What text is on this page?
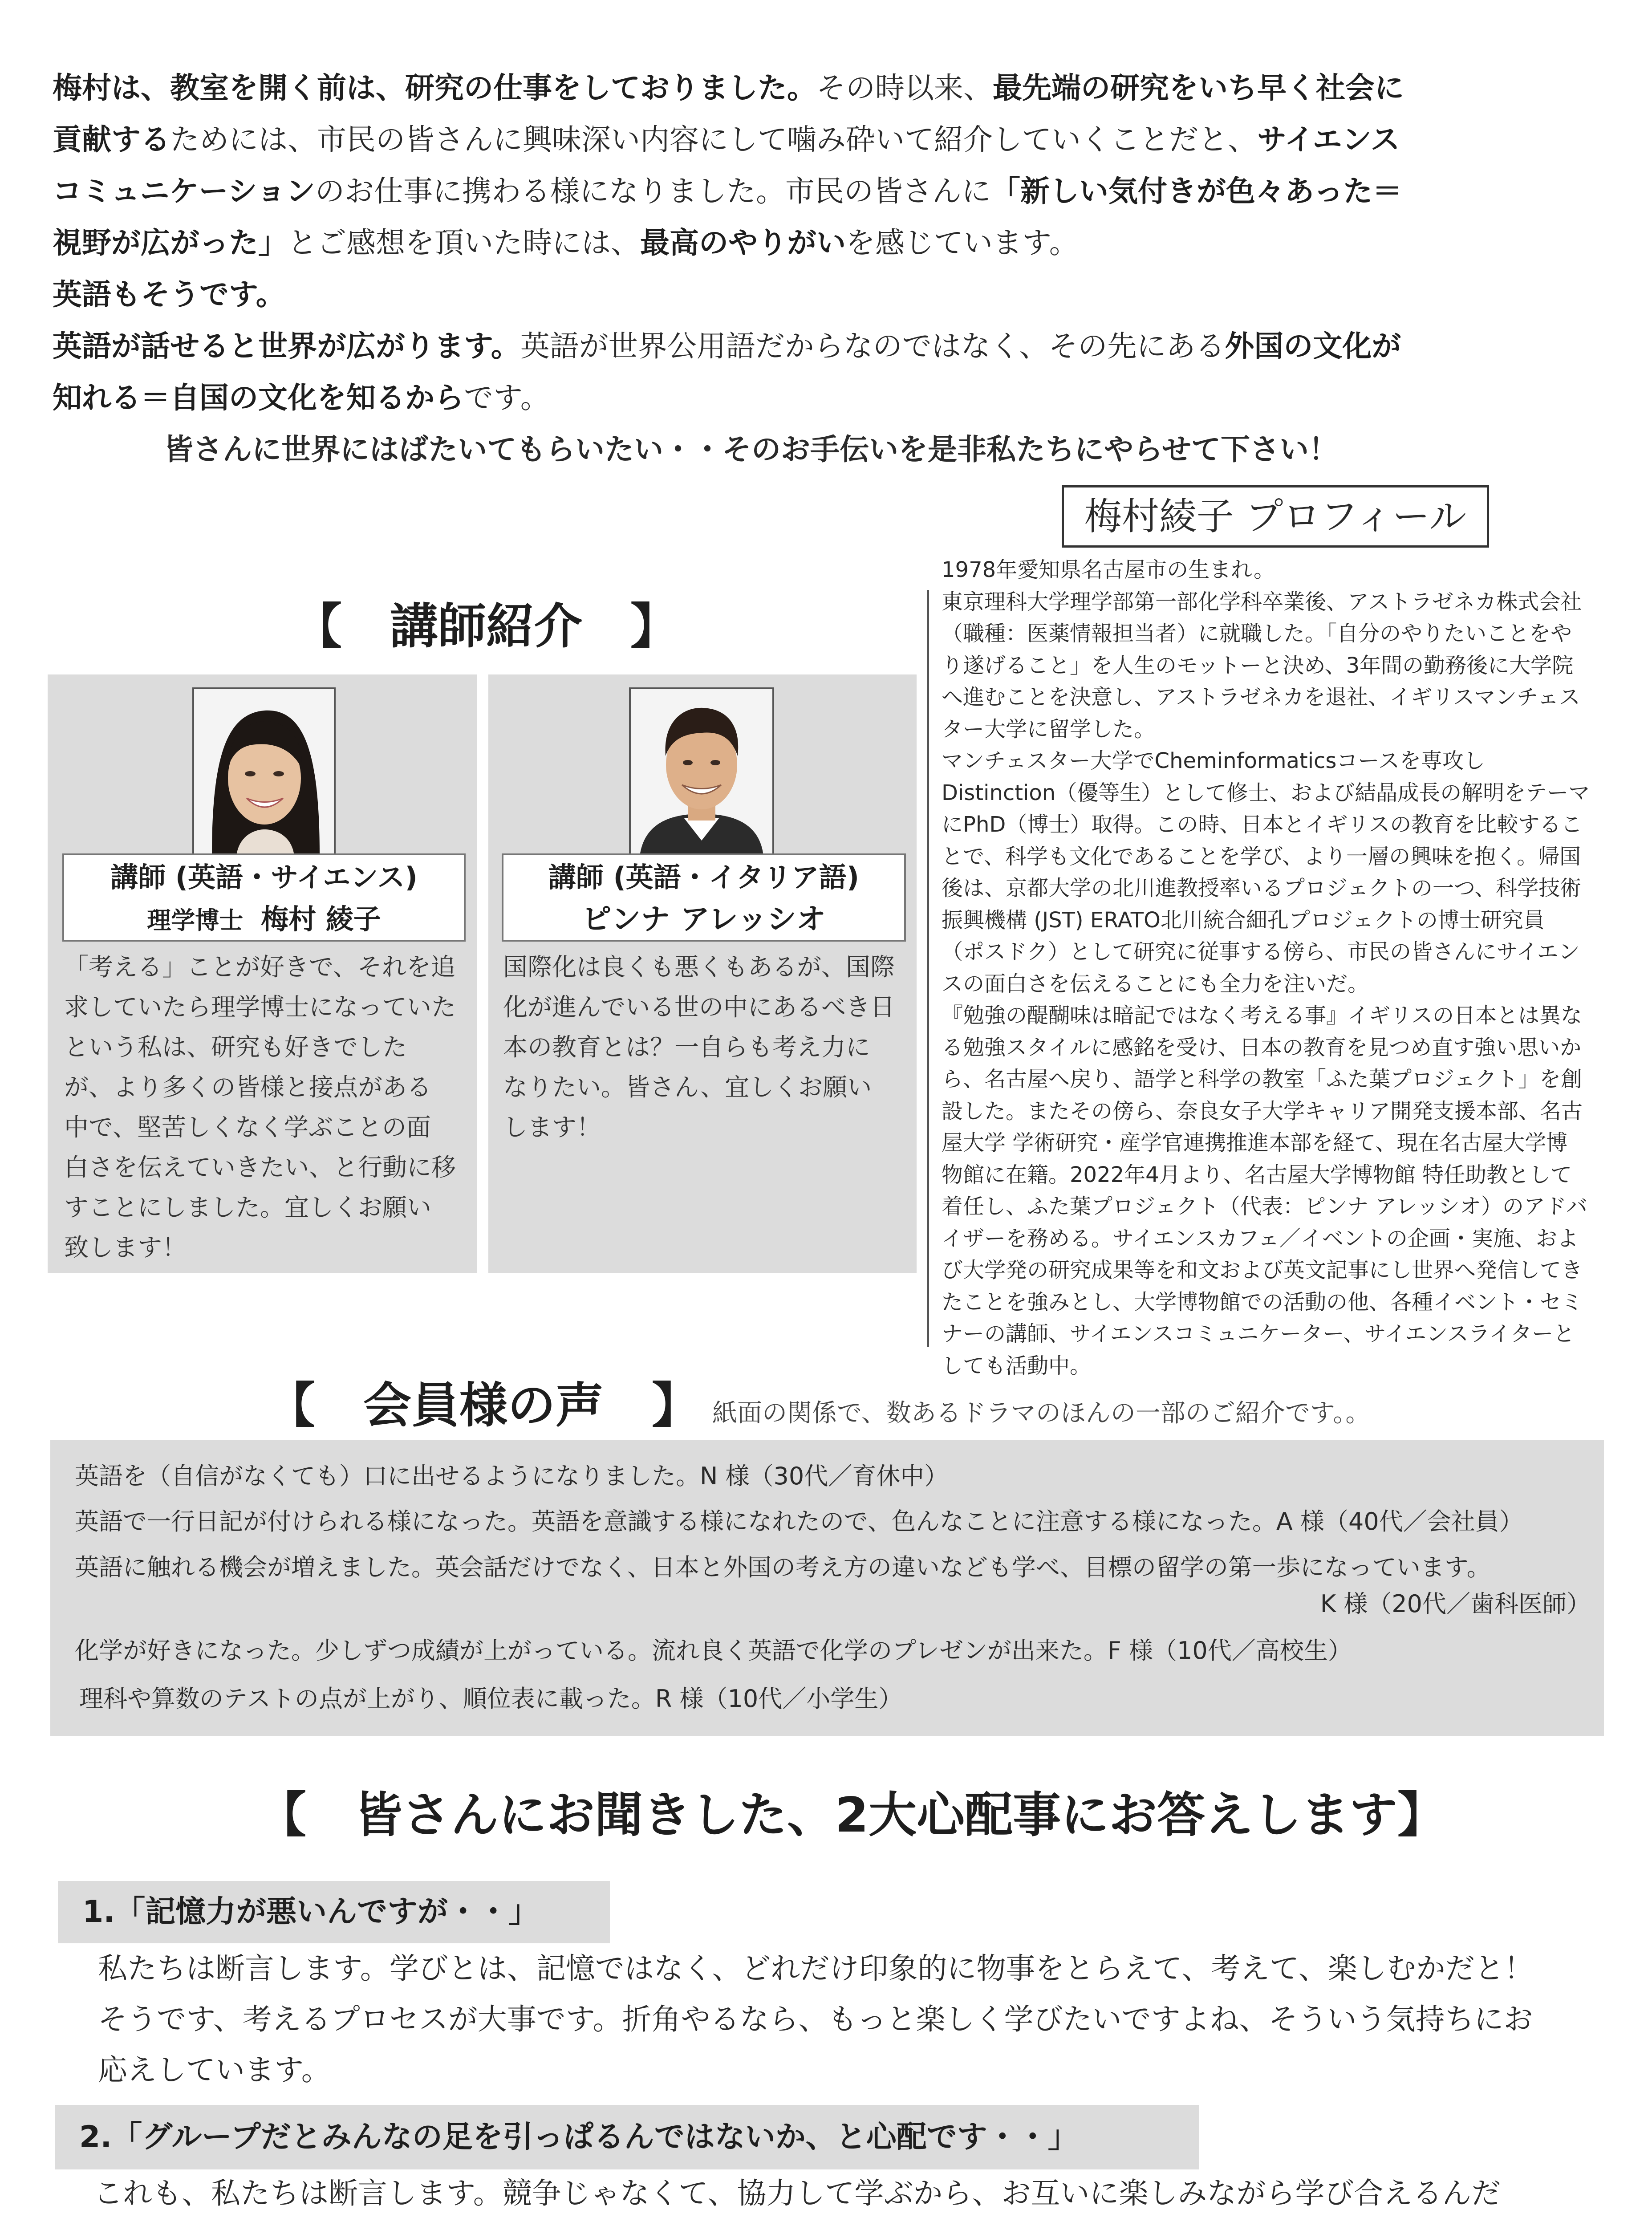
梅村は、教室を開く前は、研究の仕事をしておりました。その時以来、最先端の研究をいち早く社会に

貢献するためには、市民の皆さんに興味深い内容にして噛み砕いて紹介していくことだと、サイエンス

コミュニケーションのお仕事に携わる様になりました。市民の皆さんに「新しい気付きが色々あった＝

視野が広がった」とご感想を頂いた時には、最高のやりがいを感じています。

英語もそうです。

英語が話せると世界が広がります。英語が世界公用語だからなのではなく、その先にある外国の文化が

知れる＝自国の文化を知るからです。

皆さんに世界にはばたいてもらいたい・・そのお手伝いを是非私たちにやらせて下さい！

梅村綾子 プロフィール
1978年愛知県名古屋市の生まれ。
東京理科大学理学部第一部化学科卒業後、アストラゼネカ株式会社
（職種：医薬情報担当者）に就職した。「自分のやりたいことをや
り遂げること」を人生のモットーと決め、3年間の勤務後に大学院
へ進むことを決意し、アストラゼネカを退社、イギリスマンチェス
ター大学に留学した。
マンチェスター大学でCheminformaticsコースを専攻し
Distinction（優等生）として修士、および結晶成長の解明をテーマ
にPhD（博士）取得。この時、日本とイギリスの教育を比較するこ
とで、科学も文化であることを学び、より一層の興味を抱く。帰国
後は、京都大学の北川進教授率いるプロジェクトの一つ、科学技術
振興機構 (JST) ERATO北川統合細孔プロジェクトの博士研究員
（ポスドク）として研究に従事する傍ら、市民の皆さんにサイエン
スの面白さを伝えることにも全力を注いだ。
『勉強の醍醐味は暗記ではなく考える事』イギリスの日本とは異な
る勉強スタイルに感銘を受け、日本の教育を見つめ直す強い思いか
ら、名古屋へ戻り、語学と科学の教室「ふた葉プロジェクト」を創
設した。またその傍ら、奈良女子大学キャリア開発支援本部、名古
屋大学 学術研究・産学官連携推進本部を経て、現在名古屋大学博
物館に在籍。2022年4月より、名古屋大学博物館 特任助教として
着任し、ふた葉プロジェクト（代表：ピンナ アレッシオ）のアドバ
イザーを務める。サイエンスカフェ／イベントの企画・実施、およ
び大学発の研究成果等を和文および英文記事にし世界へ発信してき
たことを強みとし、大学博物館での活動の他、各種イベント・セミ
ナーの講師、サイエンスコミュニケーター、サイエンスライターと
しても活動中。
【　講師紹介　】
講師 (英語・サイエンス)
理学博士 梅村 綾子
「考える」ことが好きで、それを追
求していたら理学博士になっていた
という私は、研究も好きでした
が、より多くの皆様と接点がある
中で、堅苦しくなく学ぶことの面
白さを伝えていきたい、と行動に移
すことにしました。宜しくお願い
致します！
講師 (英語・イタリア語)
ピンナ アレッシオ
国際化は良くも悪くもあるが、国際
化が進んでいる世の中にあるべき日
本の教育とは？一自らも考え力に
なりたい。皆さん、宜しくお願い
します！
【　会員様の声　】 紙面の関係で、数あるドラマのほんの一部のご紹介です。。
英語を（自信がなくても）口に出せるようになりました。N 様（30代／育休中）
英語で一行日記が付けられる様になった。英語を意識する様になれたので、色んなことに注意する様になった。A 様（40代／会社員）
英語に触れる機会が増えました。英会話だけでなく、日本と外国の考え方の違いなども学べ、目標の留学の第一歩になっています。
K 様（20代／歯科医師）
化学が好きになった。少しずつ成績が上がっている。流れ良く英語で化学のプレゼンが出来た。F 様（10代／高校生）
理科や算数のテストの点が上がり、順位表に載った。R 様（10代／小学生）
【　皆さんにお聞きした、2大心配事にお答えします】
1.「記憶力が悪いんですが・・」
私たちは断言します。学びとは、記憶ではなく、どれだけ印象的に物事をとらえて、考えて、楽しむかだと！
そうです、考えるプロセスが大事です。折角やるなら、もっと楽しく学びたいですよね、そういう気持ちにお
応えしています。
2.「グループだとみんなの足を引っぱるんではないか、と心配です・・」
これも、私たちは断言します。競争じゃなくて、協力して学ぶから、お互いに楽しみながら学び合えるんだ
